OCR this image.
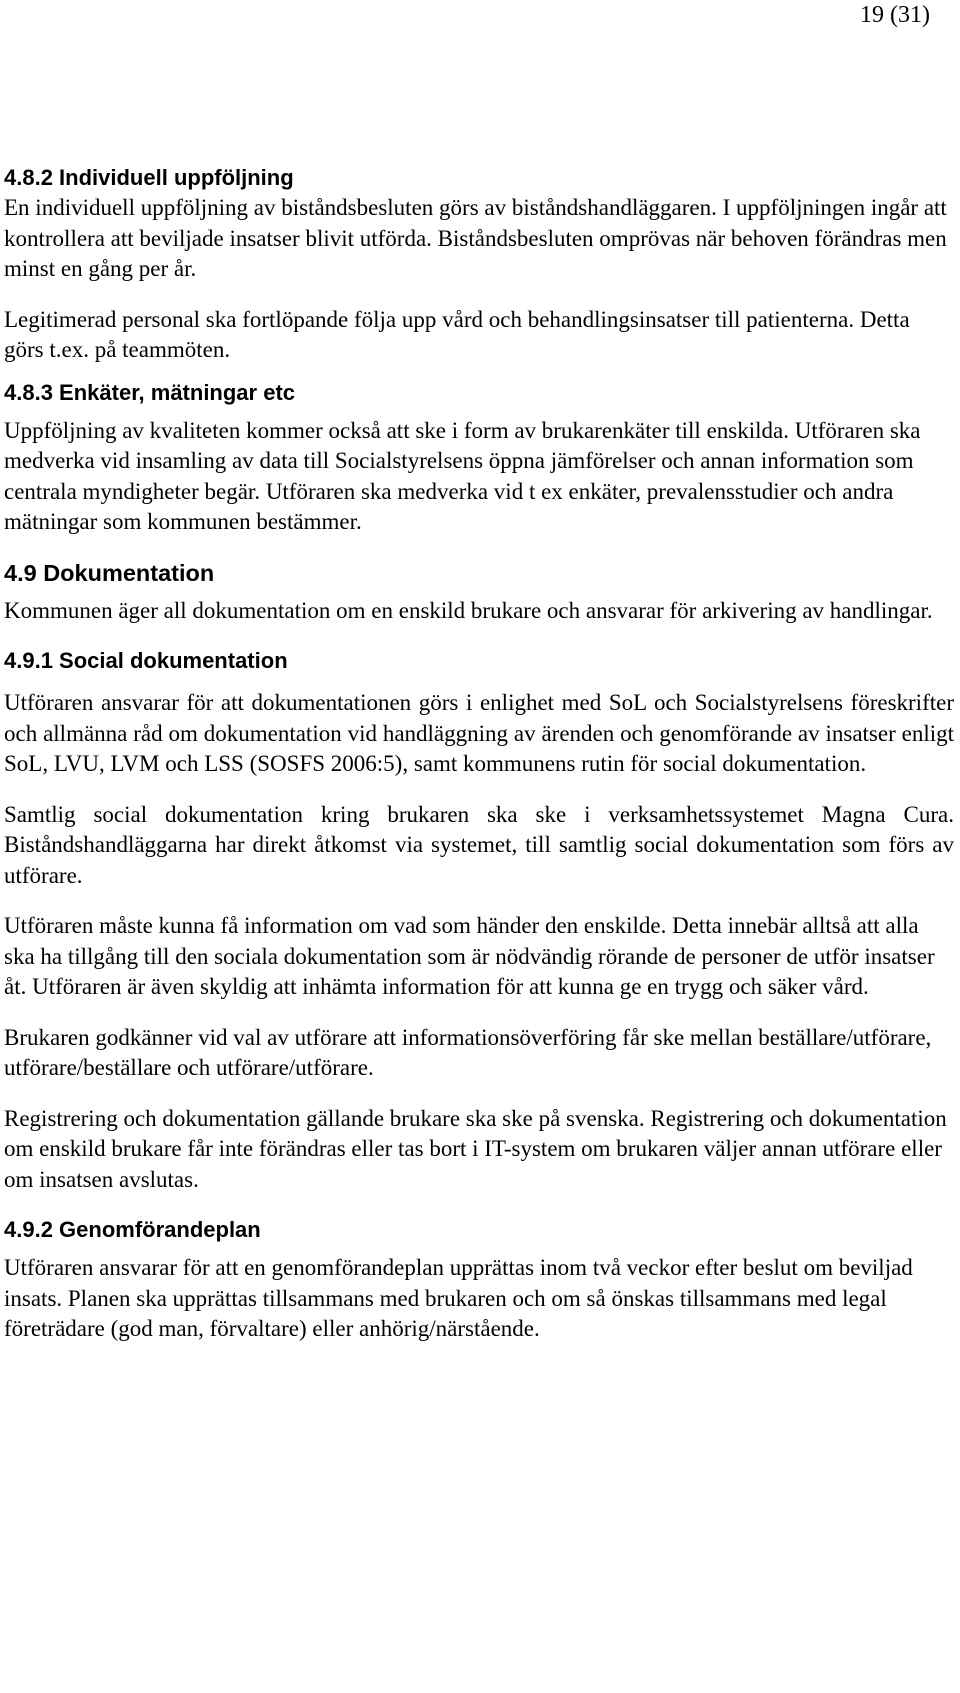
19 (31)
4.8.2 Individuell uppföljning

En individuell uppföljning av biståndsbesluten görs av biståndshandläggaren. I uppföljningen ingår att kontrollera att beviljade insatser blivit utförda. Biståndsbesluten omprövas när behoven förändras men minst en gång per år.

Legitimerad personal ska fortlöpande följa upp vård och behandlingsinsatser till patienterna. Detta görs t.ex. på teammöten.

4.8.3 Enkäter, mätningar etc

Uppföljning av kvaliteten kommer också att ske i form av brukarenkäter till enskilda. Utföraren ska medverka vid insamling av data till Socialstyrelsens öppna jämförelser och annan information som centrala myndigheter begär. Utföraren ska medverka vid t ex enkäter, prevalensstudier och andra mätningar som kommunen bestämmer.

4.9 Dokumentation

Kommunen äger all dokumentation om en enskild brukare och ansvarar för arkivering av handlingar.

4.9.1 Social dokumentation

Utföraren ansvarar för att dokumentationen görs i enlighet med SoL och Socialstyrelsens föreskrifter och allmänna råd om dokumentation vid handläggning av ärenden och genomförande av insatser enligt SoL, LVU, LVM och LSS (SOSFS 2006:5), samt kommunens rutin för social dokumentation.

Samtlig social dokumentation kring brukaren ska ske i verksamhetssystemet Magna Cura. Biståndshandläggarna har direkt åtkomst via systemet, till samtlig social dokumentation som förs av utförare.

Utföraren måste kunna få information om vad som händer den enskilde. Detta innebär alltså att alla ska ha tillgång till den sociala dokumentation som är nödvändig rörande de personer de utför insatser åt. Utföraren är även skyldig att inhämta information för att kunna ge en trygg och säker vård.

Brukaren godkänner vid val av utförare att informationsöverföring får ske mellan beställare/utförare, utförare/beställare och utförare/utförare.

Registrering och dokumentation gällande brukare ska ske på svenska. Registrering och dokumentation om enskild brukare får inte förändras eller tas bort i IT-system om brukaren väljer annan utförare eller om insatsen avslutas.

4.9.2 Genomförandeplan

Utföraren ansvarar för att en genomförandeplan upprättas inom två veckor efter beslut om beviljad insats. Planen ska upprättas tillsammans med brukaren och om så önskas tillsammans med legal företrädare (god man, förvaltare) eller anhörig/närstående.
